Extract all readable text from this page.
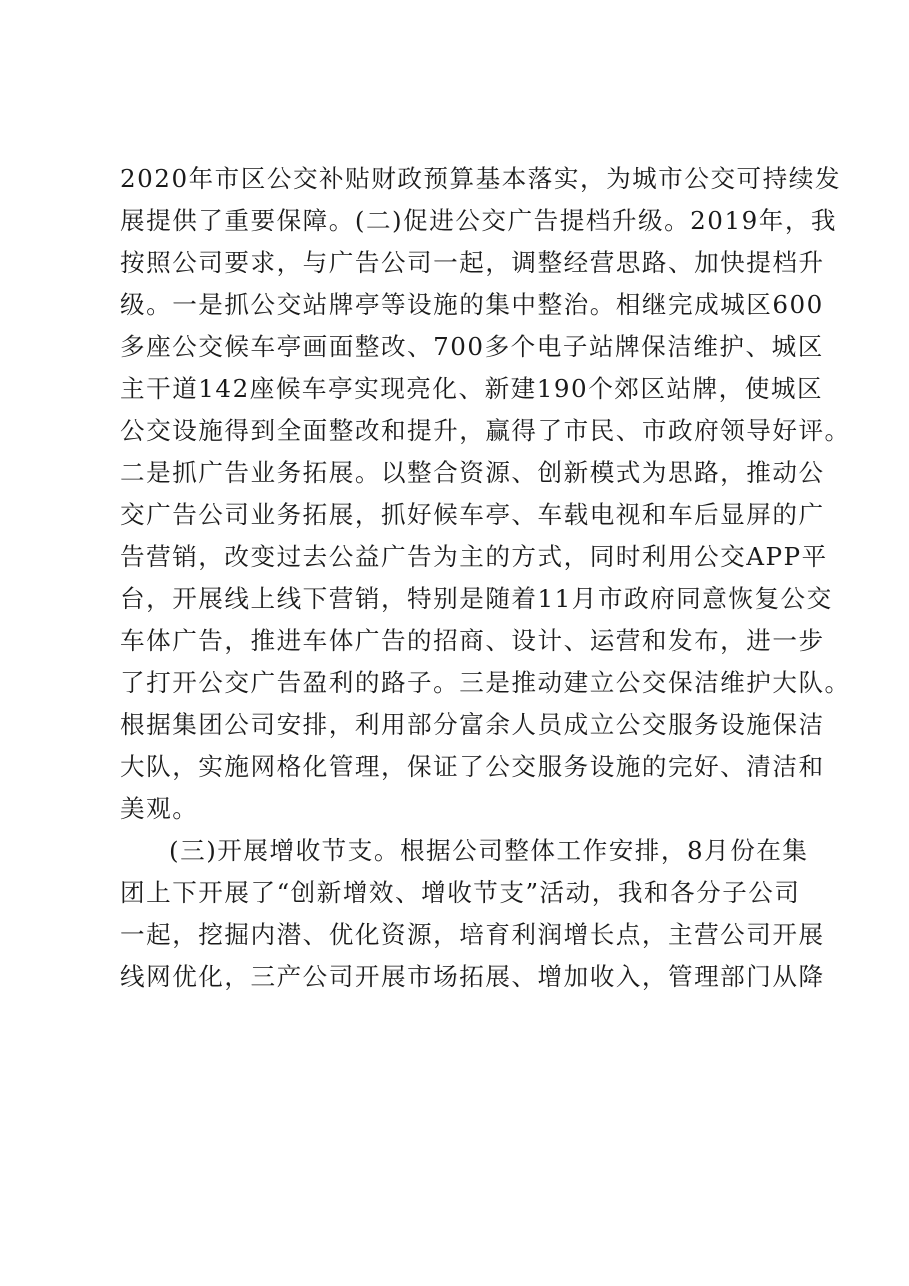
2020年市区公交补贴财政预算基本落实，为城市公交可持续发
展提供了重要保障。(二)促进公交广告提档升级。2019年，我
按照公司要求，与广告公司一起，调整经营思路、加快提档升
级。一是抓公交站牌亭等设施的集中整治。相继完成城区600
多座公交候车亭画面整改、700多个电子站牌保洁维护、城区
主干道142座候车亭实现亮化、新建190个郊区站牌，使城区
公交设施得到全面整改和提升，赢得了市民、市政府领导好评。
二是抓广告业务拓展。以整合资源、创新模式为思路，推动公
交广告公司业务拓展，抓好候车亭、车载电视和车后显屏的广
告营销，改变过去公益广告为主的方式，同时利用公交APP平
台，开展线上线下营销，特别是随着11月市政府同意恢复公交
车体广告，推进车体广告的招商、设计、运营和发布，进一步
了打开公交广告盈利的路子。三是推动建立公交保洁维护大队。
根据集团公司安排，利用部分富余人员成立公交服务设施保洁
大队，实施网格化管理，保证了公交服务设施的完好、清洁和
美观。
(三)开展增收节支。根据公司整体工作安排，8月份在集
团上下开展了“创新增效、增收节支”活动，我和各分子公司
一起，挖掘内潜、优化资源，培育利润增长点，主营公司开展
线网优化，三产公司开展市场拓展、增加收入，管理部门从降
